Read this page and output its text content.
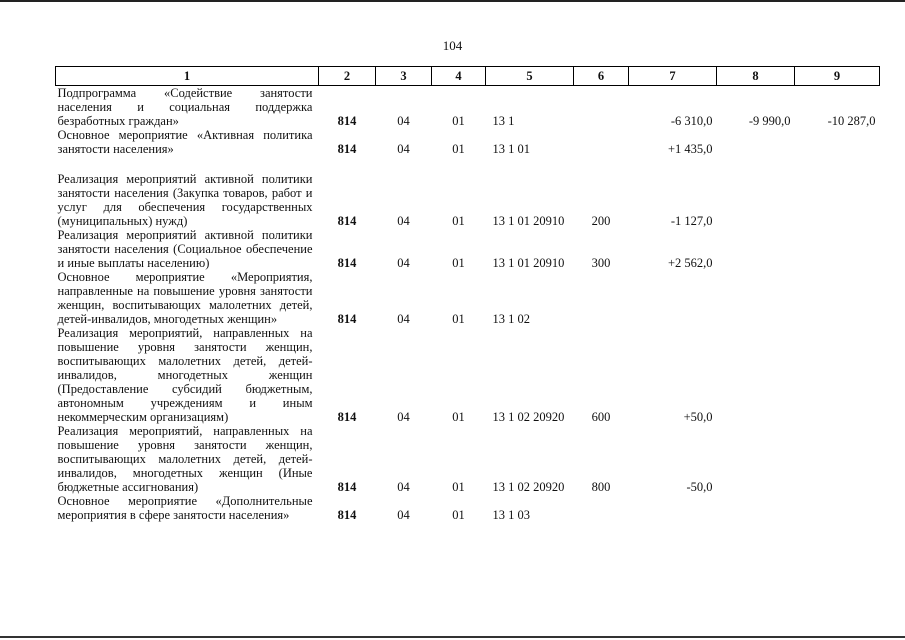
104
1	2	3	4	5	6	7	8	9
Подпрограмма «Содействие занятости населения и социальная поддержка безработных граждан»	814	04	01	13 1		-6 310,0	-9 990,0	-10 287,0
Основное мероприятие «Активная политика занятости населения»	814	04	01	13 1 01		+1 435,0		

Реализация мероприятий активной политики занятости населения (Закупка товаров, работ и услуг для обеспечения государственных (муниципальных) нужд)	814	04	01	13 1 01 20910	200	-1 127,0		
Реализация мероприятий активной политики занятости населения (Социальное обеспечение и иные выплаты населению)	814	04	01	13 1 01 20910	300	+2 562,0		
Основное мероприятие «Мероприятия, направленные на повышение уровня занятости женщин, воспитывающих малолетних детей, детей-инвалидов, многодетных женщин»	814	04	01	13 1 02				
Реализация мероприятий, направленных на повышение уровня занятости женщин, воспитывающих малолетних детей, детей-инвалидов, многодетных женщин (Предоставление субсидий бюджетным, автономным учреждениям и иным некоммерческим организациям)	814	04	01	13 1 02 20920	600	+50,0		
Реализация мероприятий, направленных на повышение уровня занятости женщин, воспитывающих малолетних детей, детей-инвалидов, многодетных женщин (Иные бюджетные ассигнования)	814	04	01	13 1 02 20920	800	-50,0		
Основное мероприятие «Дополнительные мероприятия в сфере занятости населения»	814	04	01	13 1 03				
